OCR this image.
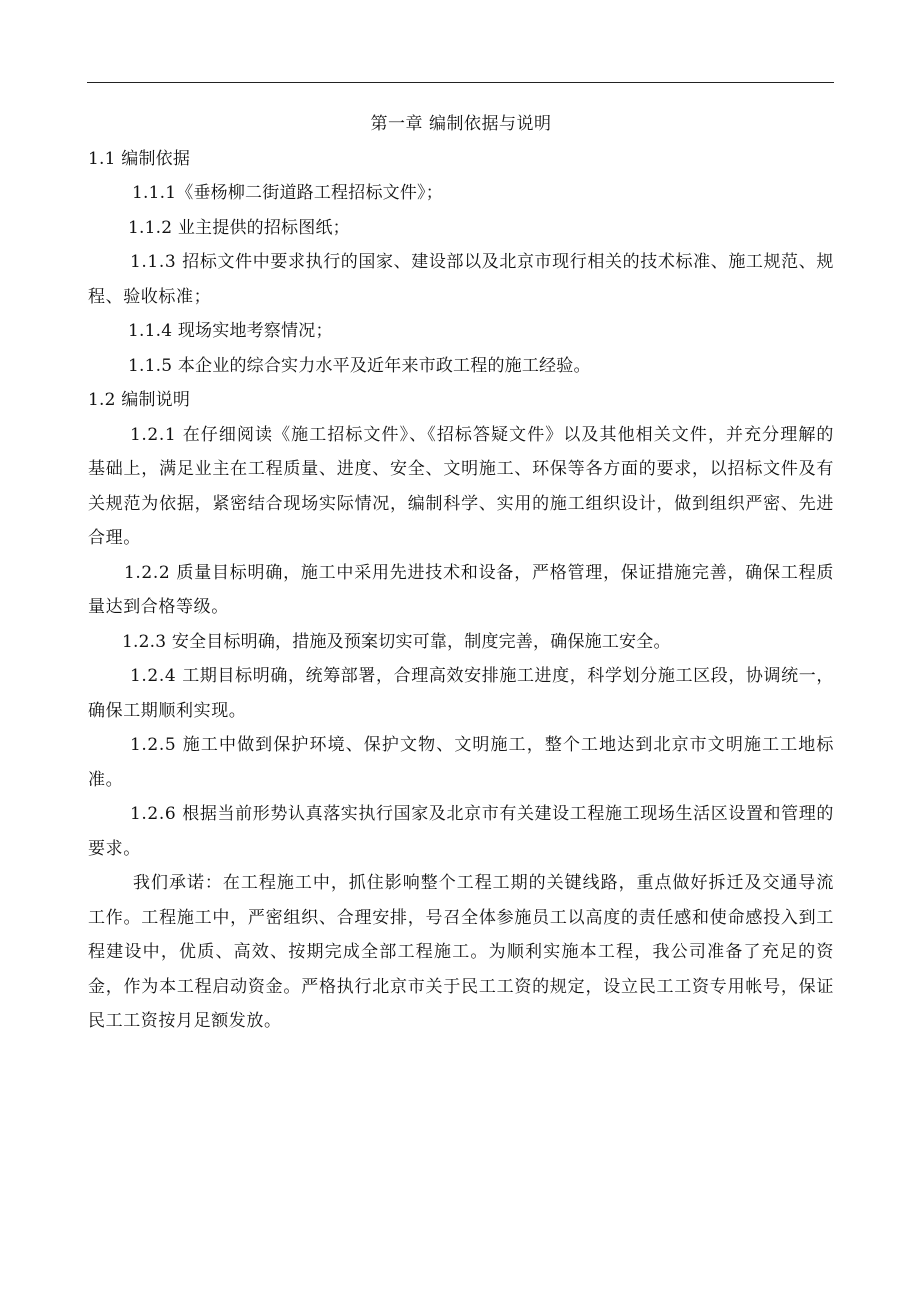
第一章 编制依据与说明
1.1 编制依据
1.1.1《垂杨柳二街道路工程招标文件》；
1.1.2 业主提供的招标图纸；
1.1.3 招标文件中要求执行的国家、建设部以及北京市现行相关的技术标准、施工规范、规程、验收标准；
1.1.4 现场实地考察情况；
1.1.5 本企业的综合实力水平及近年来市政工程的施工经验。
1.2 编制说明
1.2.1 在仔细阅读《施工招标文件》、《招标答疑文件》以及其他相关文件，并充分理解的基础上，满足业主在工程质量、进度、安全、文明施工、环保等各方面的要求，以招标文件及有关规范为依据，紧密结合现场实际情况，编制科学、实用的施工组织设计，做到组织严密、先进合理。
1.2.2 质量目标明确，施工中采用先进技术和设备，严格管理，保证措施完善，确保工程质量达到合格等级。
1.2.3 安全目标明确，措施及预案切实可靠，制度完善，确保施工安全。
1.2.4 工期目标明确，统筹部署，合理高效安排施工进度，科学划分施工区段，协调统一，确保工期顺利实现。
1.2.5 施工中做到保护环境、保护文物、文明施工，整个工地达到北京市文明施工工地标准。
1.2.6 根据当前形势认真落实执行国家及北京市有关建设工程施工现场生活区设置和管理的要求。
我们承诺：在工程施工中，抓住影响整个工程工期的关键线路，重点做好拆迁及交通导流工作。工程施工中，严密组织、合理安排，号召全体参施员工以高度的责任感和使命感投入到工程建设中，优质、高效、按期完成全部工程施工。为顺利实施本工程，我公司准备了充足的资金，作为本工程启动资金。严格执行北京市关于民工工资的规定，设立民工工资专用帐号，保证民工工资按月足额发放。
